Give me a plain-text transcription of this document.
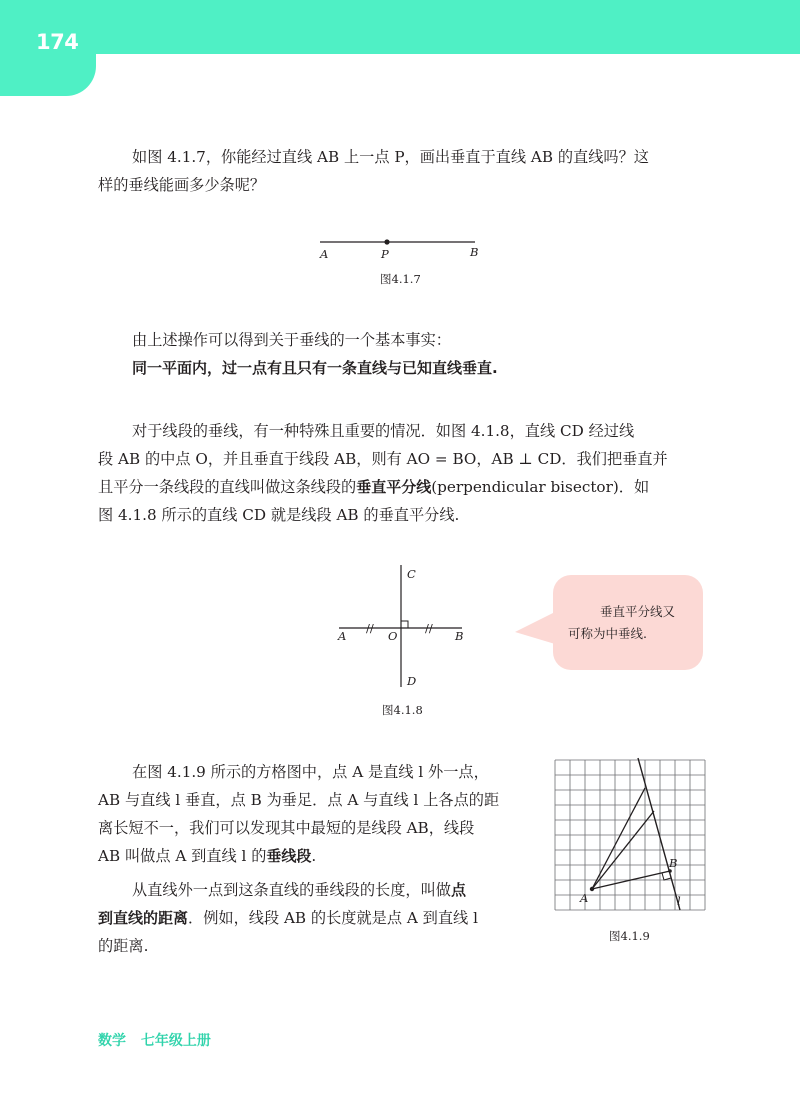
174
如图 4.1.7，你能经过直线 AB 上一点 P，画出垂直于直线 AB 的直线吗？这
样的垂线能画多少条呢？
A	P	B
图4.1.7
由上述操作可以得到关于垂线的一个基本事实：
同一平面内，过一点有且只有一条直线与已知直线垂直.
对于线段的垂线，有一种特殊且重要的情况．如图 4.1.8，直线 CD 经过线
段 AB 的中点 O，并且垂直于线段 AB，则有 AO = BO，AB ⊥ CD．我们把垂直并
且平分一条线段的直线叫做这条线段的垂直平分线(perpendicular bisector)．如
图 4.1.8 所示的直线 CD 就是线段 AB 的垂直平分线.
C
D
A	O	B
//	//
图4.1.8
垂直平分线又
可称为中垂线.
在图 4.1.9 所示的方格图中，点 A 是直线 l 外一点，
AB 与直线 l 垂直，点 B 为垂足．点 A 与直线 l 上各点的距
离长短不一，我们可以发现其中最短的是线段 AB，线段
AB 叫做点 A 到直线 l 的垂线段.
从直线外一点到这条直线的垂线段的长度，叫做点
到直线的距离．例如，线段 AB 的长度就是点 A 到直线 l
的距离.
A
B
l
图4.1.9
数学 七年级上册
